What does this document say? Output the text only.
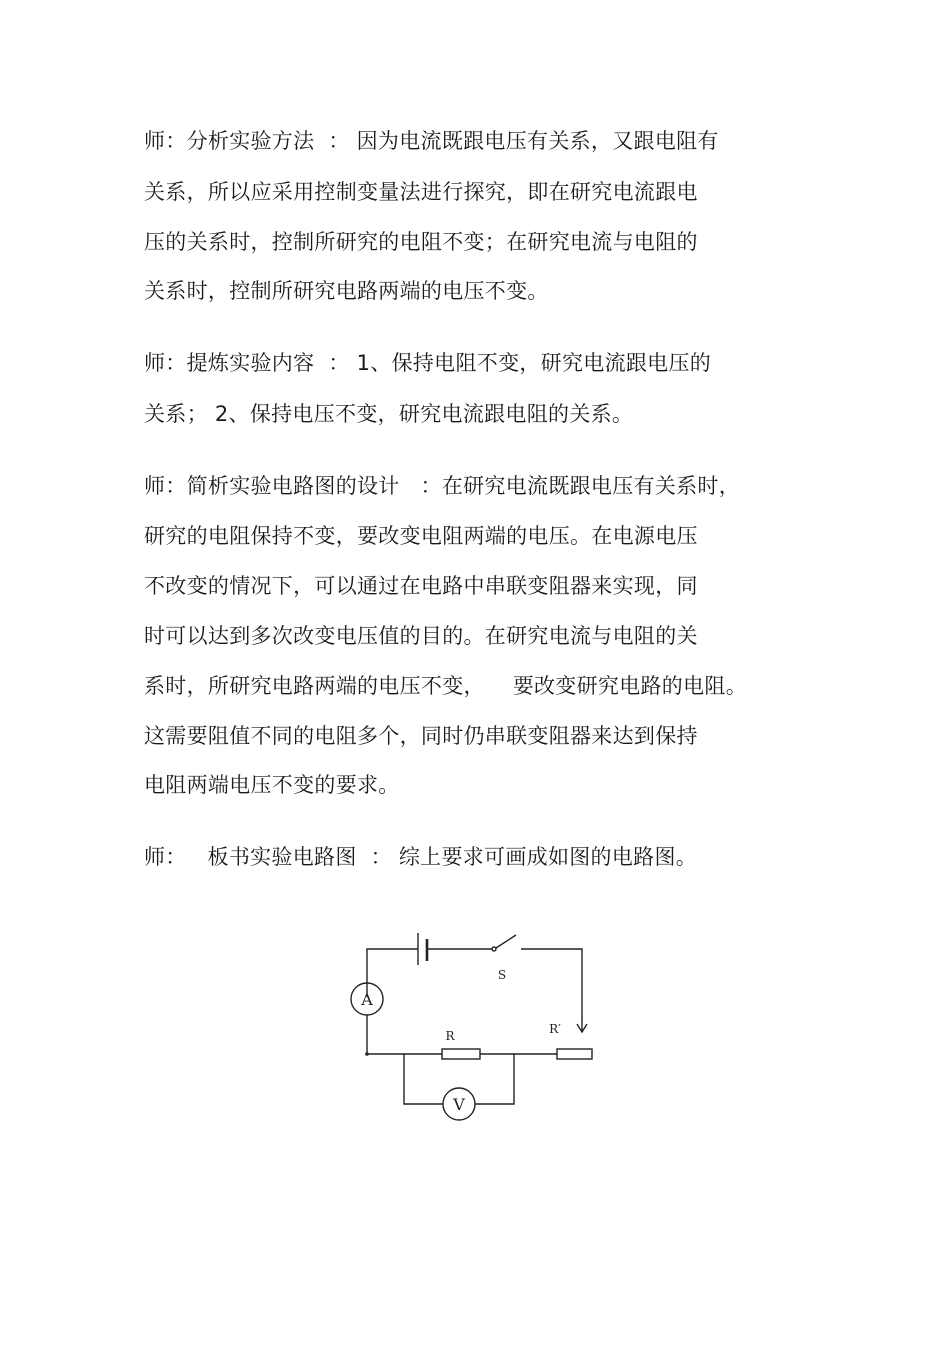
师：分析实验方法  ： 因为电流既跟电压有关系，又跟电阻有
关系，所以应采用控制变量法进行探究，即在研究电流跟电
压的关系时，控制所研究的电阻不变；在研究电流与电阻的
关系时，控制所研究电路两端的电压不变。
师：提炼实验内容  ： 1、保持电阻不变，研究电流跟电压的
关系； 2、保持电压不变，研究电流跟电阻的关系。
师：简析实验电路图的设计   ：在研究电流既跟电压有关系时，
研究的电阻保持不变，要改变电阻两端的电压。在电源电压
不改变的情况下，可以通过在电路中串联变阻器来实现，同
时可以达到多次改变电压值的目的。在研究电流与电阻的关
系时，所研究电路两端的电压不变，    要改变研究电路的电阻。
这需要阻值不同的电阻多个，同时仍串联变阻器来达到保持
电阻两端电压不变的要求。
师：   板书实验电路图  ： 综上要求可画成如图的电路图。
A
V
S
R	R′
